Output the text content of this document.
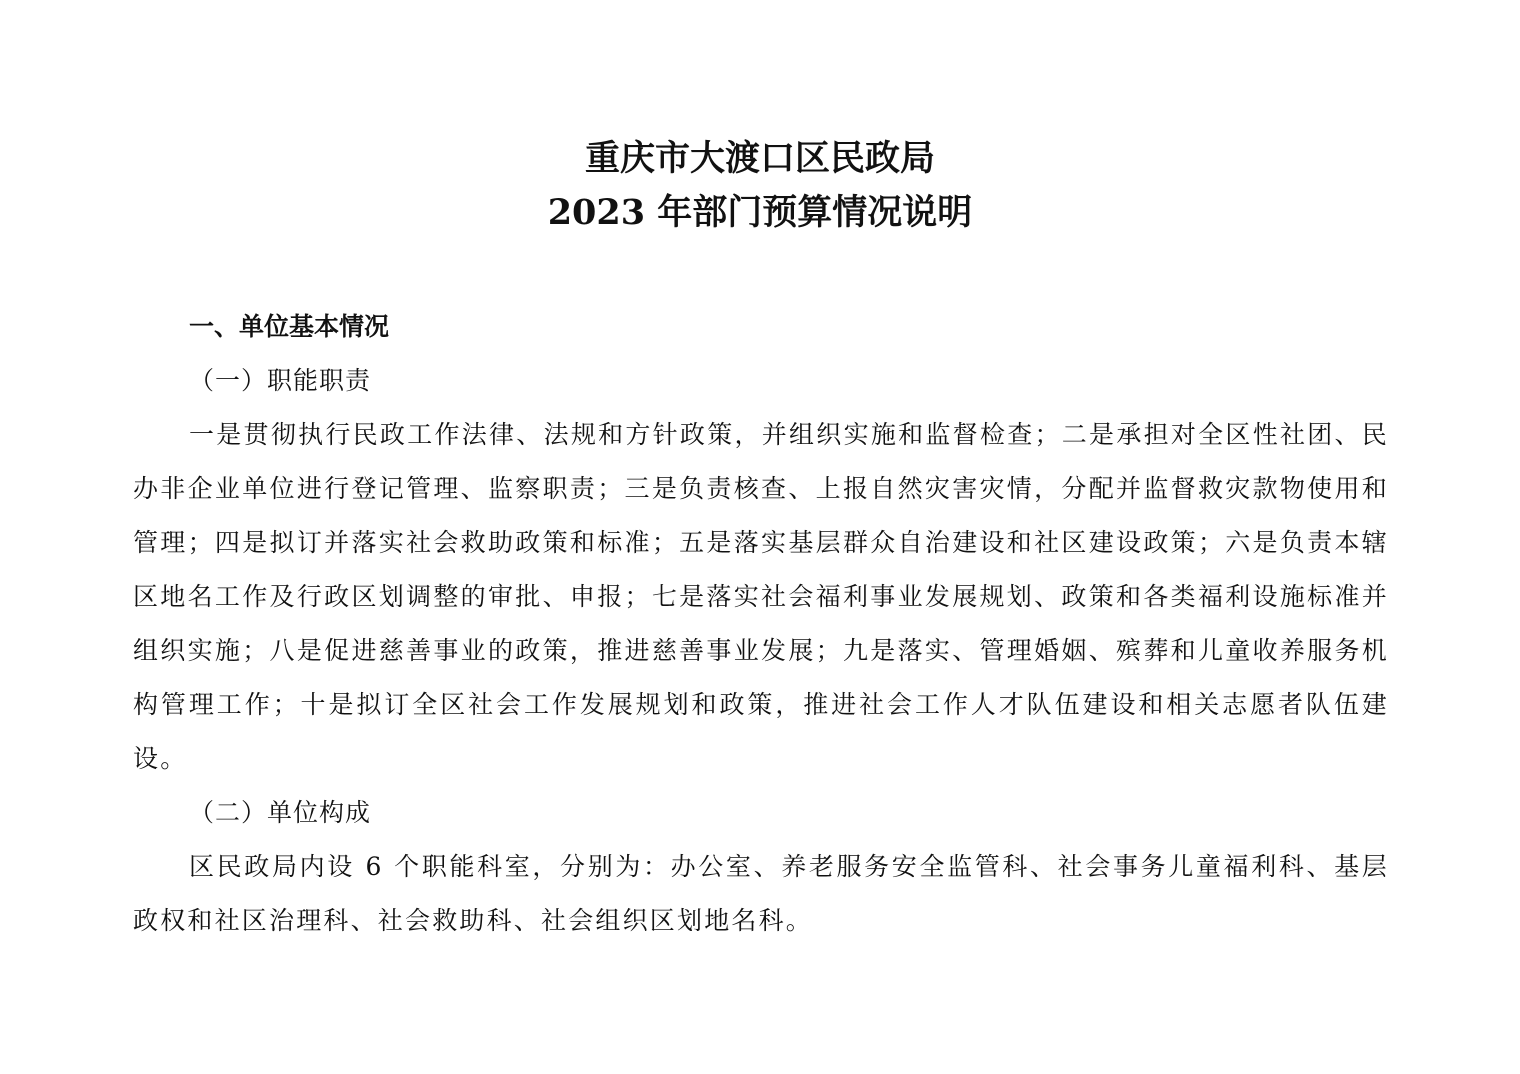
重庆市大渡口区民政局
2023 年部门预算情况说明
一、单位基本情况
（一）职能职责

一是贯彻执行民政工作法律、法规和方针政策，并组织实施和监督检查；二是承担对全区性社团、民办非企业单位进行登记管理、监察职责；三是负责核查、上报自然灾害灾情，分配并监督救灾款物使用和管理；四是拟订并落实社会救助政策和标准；五是落实基层群众自治建设和社区建设政策；六是负责本辖区地名工作及行政区划调整的审批、申报；七是落实社会福利事业发展规划、政策和各类福利设施标准并组织实施；八是促进慈善事业的政策，推进慈善事业发展；九是落实、管理婚姻、殡葬和儿童收养服务机构管理工作；十是拟订全区社会工作发展规划和政策，推进社会工作人才队伍建设和相关志愿者队伍建设。

（二）单位构成

区民政局内设 6 个职能科室，分别为：办公室、养老服务安全监管科、社会事务儿童福利科、基层政权和社区治理科、社会救助科、社会组织区划地名科。
